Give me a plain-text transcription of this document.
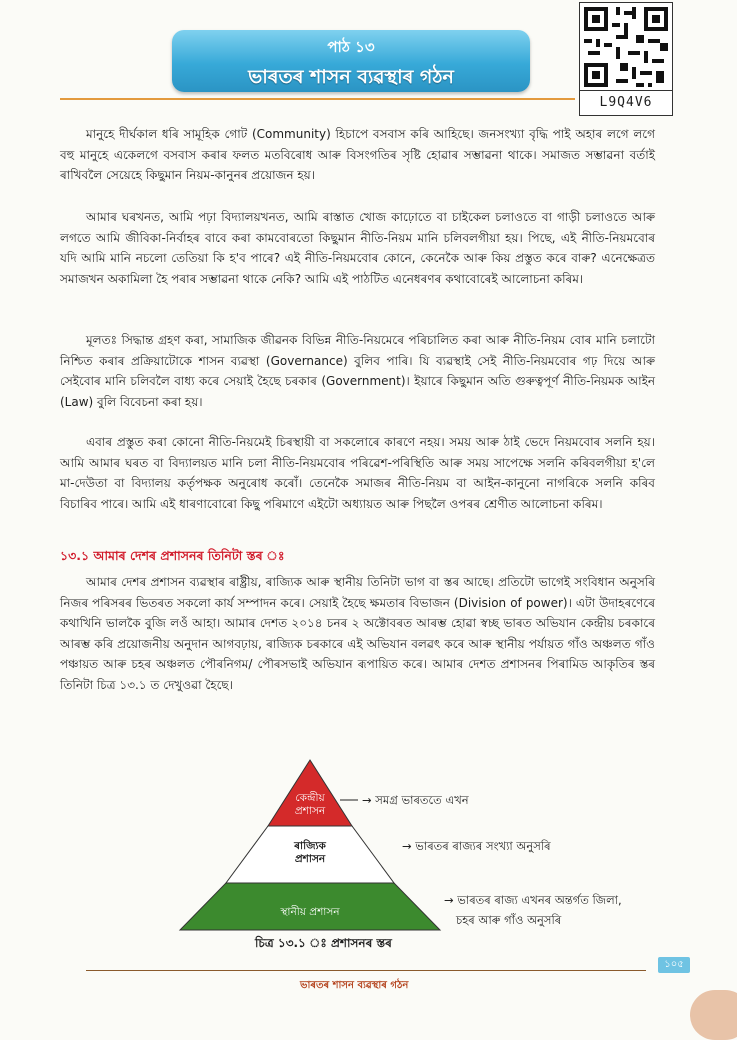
পাঠ ১৩
ভাৰতৰ শাসন ব্যৱস্থাৰ গঠন
L9Q4V6

মানুহে দীৰ্ঘকাল ধৰি সামূহিক গোট (Community) হিচাপে বসবাস কৰি আহিছে। জনসংখ্যা বৃদ্ধি পাই অহাৰ লগে লগে বহু মানুহে একেলগে বসবাস কৰাৰ ফলত মতবিৰোধ আৰু বিসংগতিৰ সৃষ্টি হোৱাৰ সম্ভাৱনা থাকে। সমাজত সম্ভাৱনা বৰ্তাই ৰাখিবলৈ সেয়েহে কিছুমান নিয়ম-কানুনৰ প্ৰয়োজন হয়।

আমাৰ ঘৰখনত, আমি পঢ়া বিদ্যালয়খনত, আমি ৰাস্তাত খোজ কাঢ়োতে বা চাইকেল চলাওতে বা গাড়ী চলাওতে আৰু লগতে আমি জীবিকা-নিৰ্বাহৰ বাবে কৰা কামবোৰতো কিছুমান নীতি-নিয়ম মানি চলিবলগীয়া হয়। পিছে, এই নীতি-নিয়মবোৰ যদি আমি মানি নচলো তেতিয়া কি হ'ব পাৰে? এই নীতি-নিয়মবোৰ কোনে, কেনেকৈ আৰু কিয় প্ৰস্তুত কৰে বাৰু? এনেক্ষেত্ৰত সমাজখন অকামিলা হৈ পৰাৰ সম্ভাৱনা থাকে নেকি? আমি এই পাঠটিত এনেধৰণৰ কথাবোৰেই আলোচনা কৰিম।

মূলতঃ সিদ্ধান্ত গ্ৰহণ কৰা, সামাজিক জীৱনক বিভিন্ন নীতি-নিয়মেৰে পৰিচালিত কৰা আৰু নীতি-নিয়ম বোৰ মানি চলাটো নিশ্চিত কৰাৰ প্ৰক্ৰিয়াটোকে শাসন ব্যৱস্থা (Governance) বুলিব পাৰি। যি ব্যৱস্থাই সেই নীতি-নিয়মবোৰ গঢ় দিয়ে আৰু সেইবোৰ মানি চলিবলৈ বাধ্য কৰে সেয়াই হৈছে চৰকাৰ (Government)। ইয়াৰে কিছুমান অতি গুৰুত্বপূৰ্ণ নীতি-নিয়মক আইন (Law) বুলি বিবেচনা কৰা হয়।

এবাৰ প্ৰস্তুত কৰা কোনো নীতি-নিয়মেই চিৰস্থায়ী বা সকলোৰে কাৰণে নহয়। সময় আৰু ঠাই ভেদে নিয়মবোৰ সলনি হয়। আমি আমাৰ ঘৰত বা বিদ্যালয়ত মানি চলা নীতি-নিয়মবোৰ পৰিৱেশ-পৰিস্থিতি আৰু সময় সাপেক্ষে সলনি কৰিবলগীয়া হ'লে মা-দেউতা বা বিদ্যালয় কৰ্তৃপক্ষক অনুৰোধ কৰোঁ। তেনেকৈ সমাজৰ নীতি-নিয়ম বা আইন-কানুনো নাগৰিকে সলনি কৰিব বিচাৰিব পাৰে। আমি এই ধাৰণাবোৰো কিছু পৰিমাণে এইটো অধ্যায়ত আৰু পিছলৈ ওপৰৰ শ্ৰেণীত আলোচনা কৰিম।

১৩.১ আমাৰ দেশৰ প্ৰশাসনৰ তিনিটা স্তৰ ঃ

আমাৰ দেশৰ প্ৰশাসন ব্যৱস্থাৰ ৰাষ্ট্ৰীয়, ৰাজ্যিক আৰু স্থানীয় তিনিটা ভাগ বা স্তৰ আছে। প্ৰতিটো ভাগেই সংবিধান অনুসৰি নিজৰ পৰিসৰৰ ভিতৰত সকলো কাৰ্য সম্পাদন কৰে। সেয়াই হৈছে ক্ষমতাৰ বিভাজন (Division of power)। এটা উদাহৰণেৰে কথাখিনি ভালকৈ বুজি লওঁ আহা। আমাৰ দেশত ২০১৪ চনৰ ২ অক্টোবৰত আৰম্ভ হোৱা স্বচ্ছ ভাৰত অভিযান কেন্দ্ৰীয় চৰকাৰে আৰম্ভ কৰি প্ৰয়োজনীয় অনুদান আগবঢ়ায়, ৰাজ্যিক চৰকাৰে এই অভিযান বলৱৎ কৰে আৰু স্থানীয় পৰ্যায়ত গাঁও অঞ্চলত গাঁও পঞ্চায়ত আৰু চহৰ অঞ্চলত পৌৰনিগম/ পৌৰসভাই অভিযান ৰূপায়িত কৰে। আমাৰ দেশত প্ৰশাসনৰ পিৰামিড আকৃতিৰ স্তৰ তিনিটা চিত্ৰ ১৩.১ ত দেখুওৱা হৈছে।

কেন্দ্ৰীয়
প্ৰশাসন
ৰাজ্যিক
প্ৰশাসন
স্থানীয় প্ৰশাসন
→ সমগ্ৰ ভাৰততে এখন
→ ভাৰতৰ ৰাজ্যৰ সংখ্যা অনুসৰি
→ ভাৰতৰ ৰাজ্য এখনৰ অন্তৰ্গত জিলা,
চহৰ আৰু গাঁও অনুসৰি
চিত্ৰ ১৩.১ ঃ প্ৰশাসনৰ স্তৰ
১০৫
ভাৰতৰ শাসন ব্যৱস্থাৰ গঠন
